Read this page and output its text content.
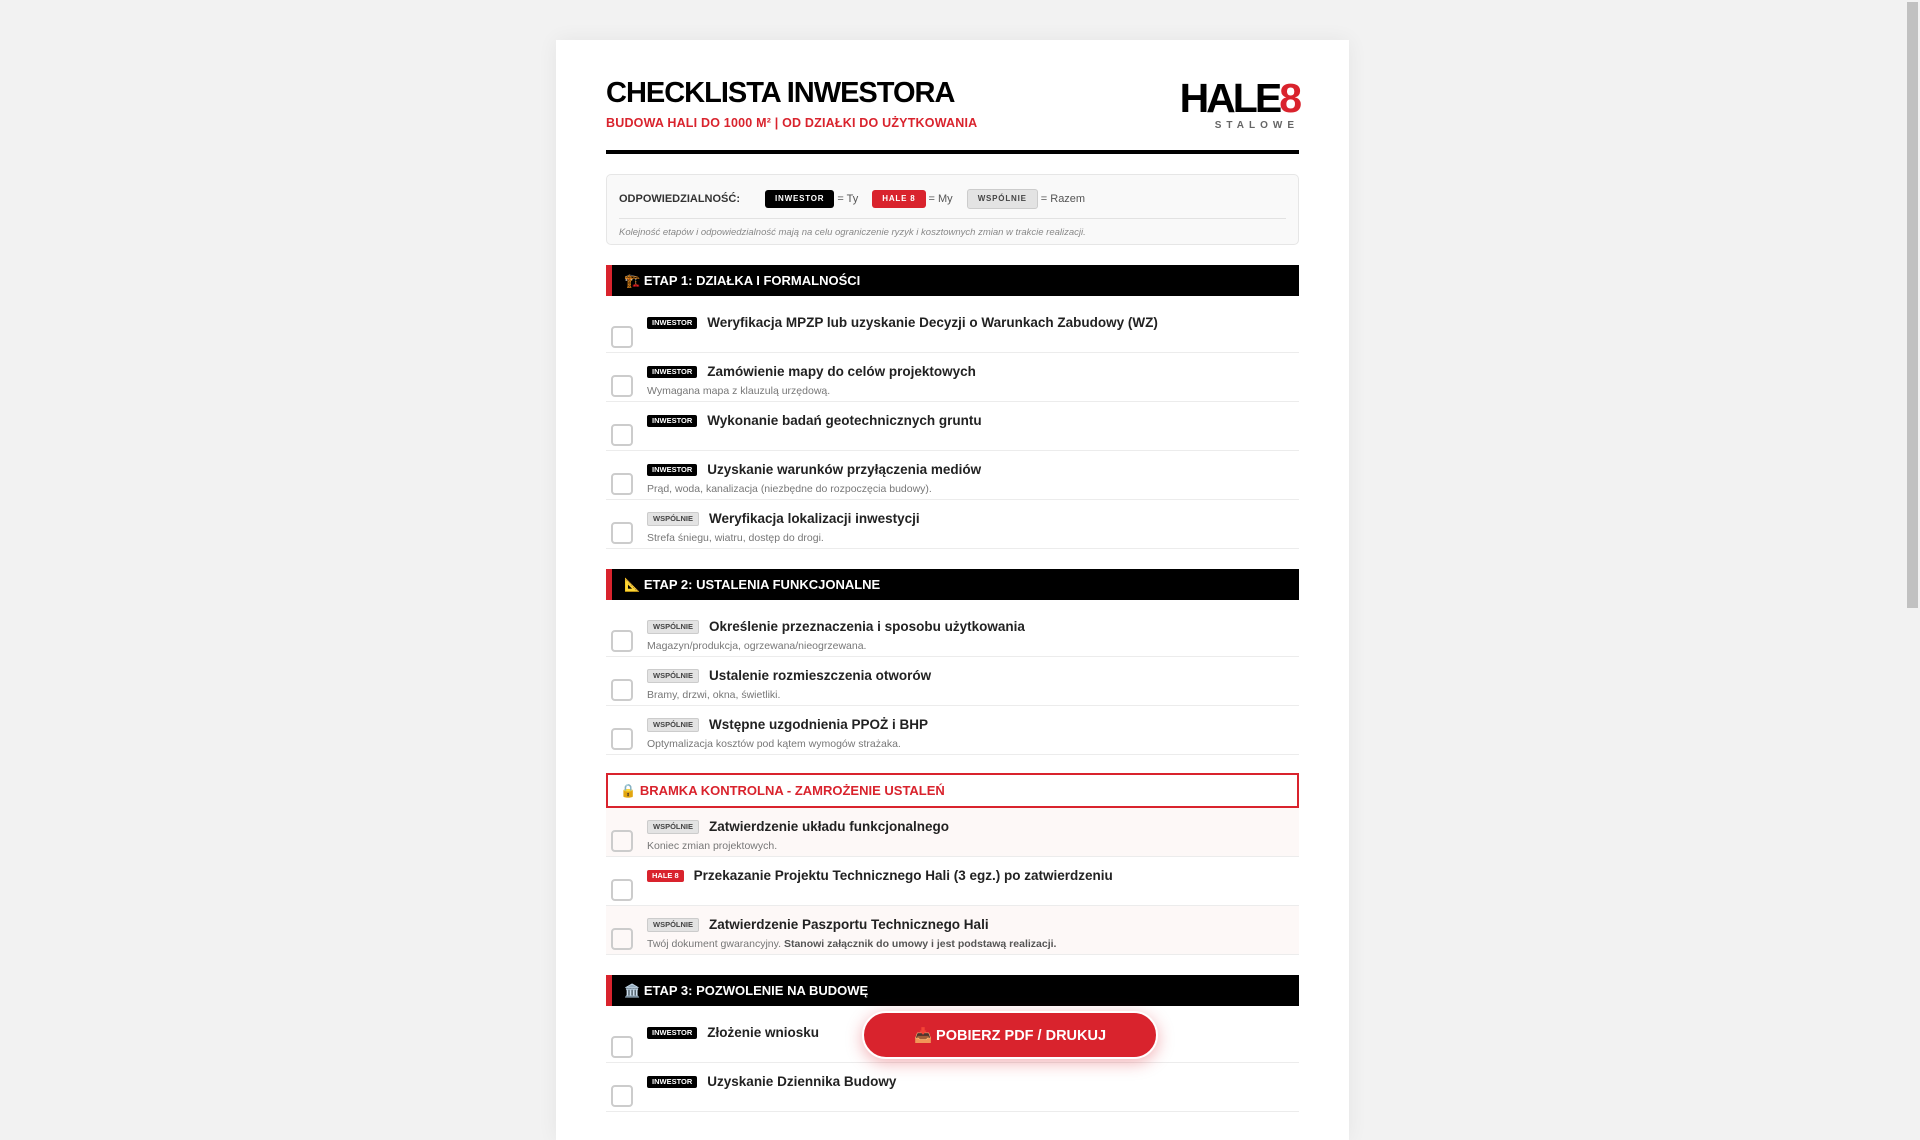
CHECKLISTA INWESTORA
BUDOWA HALI DO 1000 M² | OD DZIAŁKI DO UŻYTKOWANIA
HALE8
STALOWE
ODPOWIEDZIALNOŚĆ:	INWESTOR	= Ty	HALE 8	= My	WSPÓLNIE	= Razem
Kolejność etapów i odpowiedzialność mają na celu ograniczenie ryzyk i kosztownych zmian w trakcie realizacji.
🏗️ ETAP 1: DZIAŁKA I FORMALNOŚCI
INWESTOR Weryfikacja MPZP lub uzyskanie Decyzji o Warunkach Zabudowy (WZ)
INWESTOR Zamówienie mapy do celów projektowych
Wymagana mapa z klauzulą urzędową.
INWESTOR Wykonanie badań geotechnicznych gruntu
INWESTOR Uzyskanie warunków przyłączenia mediów
Prąd, woda, kanalizacja (niezbędne do rozpoczęcia budowy).
WSPÓLNIE Weryfikacja lokalizacji inwestycji
Strefa śniegu, wiatru, dostęp do drogi.
📐 ETAP 2: USTALENIA FUNKCJONALNE
WSPÓLNIE Określenie przeznaczenia i sposobu użytkowania
Magazyn/produkcja, ogrzewana/nieogrzewana.
WSPÓLNIE Ustalenie rozmieszczenia otworów
Bramy, drzwi, okna, świetliki.
WSPÓLNIE Wstępne uzgodnienia PPOŻ i BHP
Optymalizacja kosztów pod kątem wymogów strażaka.
🔒 BRAMKA KONTROLNA - ZAMROŻENIE USTALEŃ
WSPÓLNIE Zatwierdzenie układu funkcjonalnego
Koniec zmian projektowych.
HALE 8 Przekazanie Projektu Technicznego Hali (3 egz.) po zatwierdzeniu
WSPÓLNIE Zatwierdzenie Paszportu Technicznego Hali
Twój dokument gwarancyjny. Stanowi załącznik do umowy i jest podstawą realizacji.
🏛️ ETAP 3: POZWOLENIE NA BUDOWĘ
INWESTOR Złożenie wniosku
INWESTOR Uzyskanie Dziennika Budowy
📥 POBIERZ PDF / DRUKUJ
